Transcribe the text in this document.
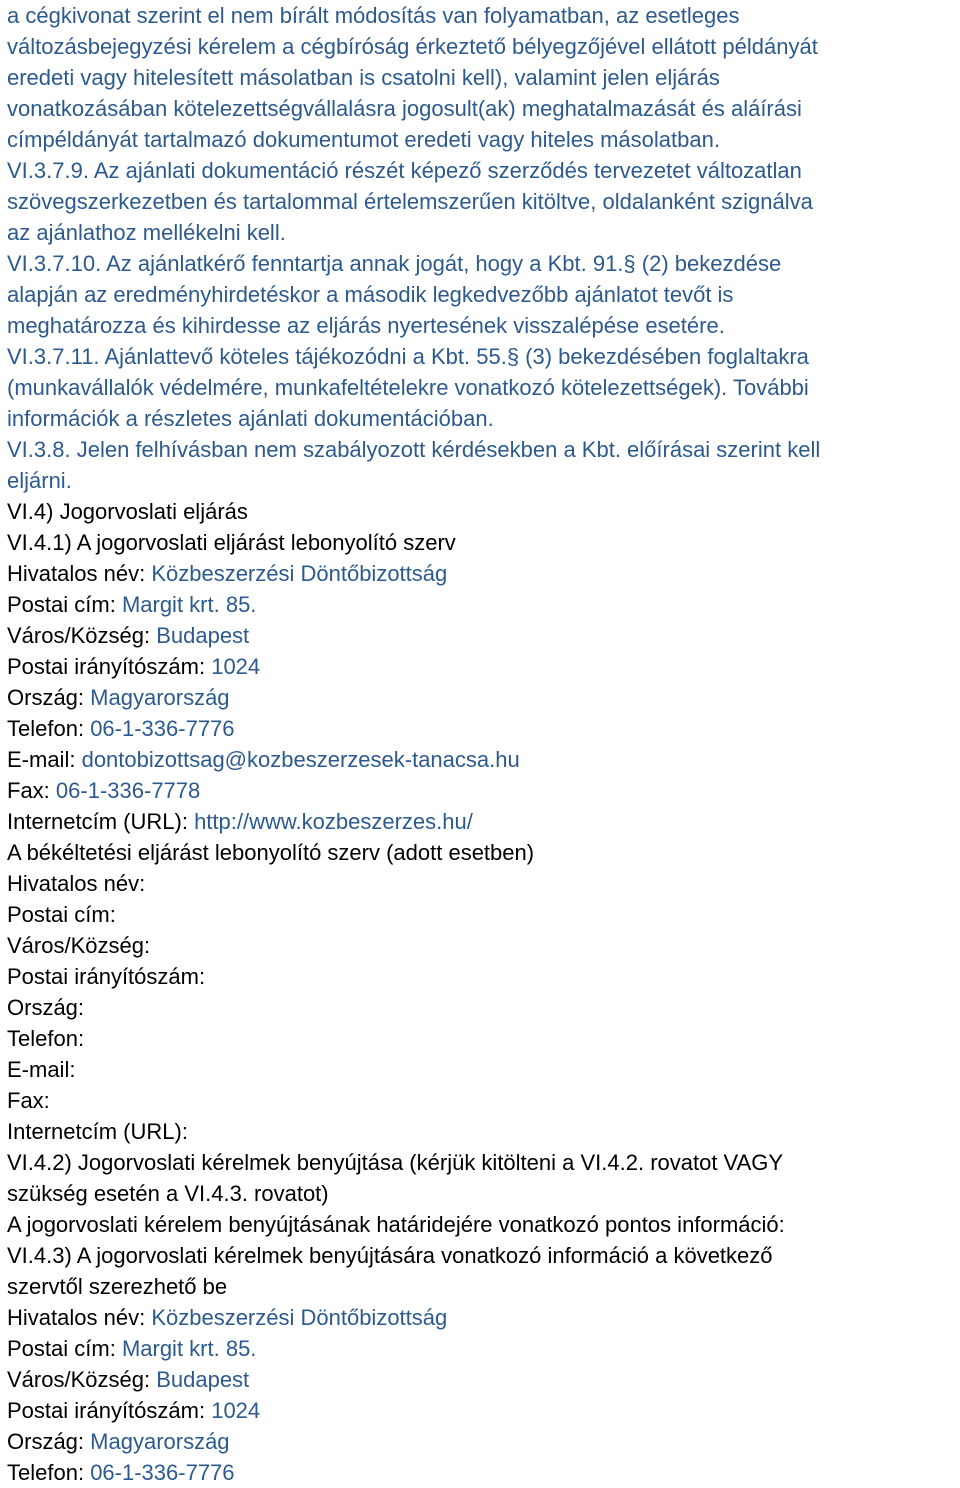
a cégkivonat szerint el nem bírált módosítás van folyamatban, az esetleges
változásbejegyzési kérelem a cégbíróság érkeztető bélyegzőjével ellátott példányát
eredeti vagy hitelesített másolatban is csatolni kell), valamint jelen eljárás
vonatkozásában kötelezettségvállalásra jogosult(ak) meghatalmazását és aláírási
címpéldányát tartalmazó dokumentumot eredeti vagy hiteles másolatban.
VI.3.7.9. Az ajánlati dokumentáció részét képező szerződés tervezetet változatlan
szövegszerkezetben és tartalommal értelemszerűen kitöltve, oldalanként szignálva
az ajánlathoz mellékelni kell.
VI.3.7.10. Az ajánlatkérő fenntartja annak jogát, hogy a Kbt. 91.§ (2) bekezdése
alapján az eredményhirdetéskor a második legkedvezőbb ajánlatot tevőt is
meghatározza és kihirdesse az eljárás nyertesének visszalépése esetére.
VI.3.7.11. Ajánlattevő köteles tájékozódni a Kbt. 55.§ (3) bekezdésében foglaltakra
(munkavállalók védelmére, munkafeltételekre vonatkozó kötelezettségek). További
információk a részletes ajánlati dokumentációban.
VI.3.8. Jelen felhívásban nem szabályozott kérdésekben a Kbt. előírásai szerint kell
eljárni.
VI.4) Jogorvoslati eljárás
VI.4.1) A jogorvoslati eljárást lebonyolító szerv
Hivatalos név: Közbeszerzési Döntőbizottság
Postai cím: Margit krt. 85.
Város/Község: Budapest
Postai irányítószám: 1024
Ország: Magyarország
Telefon: 06-1-336-7776
E-mail: dontobizottsag@kozbeszerzesek-tanacsa.hu
Fax: 06-1-336-7778
Internetcím (URL): http://www.kozbeszerzes.hu/
A békéltetési eljárást lebonyolító szerv (adott esetben)
Hivatalos név:
Postai cím:
Város/Község:
Postai irányítószám:
Ország:
Telefon:
E-mail:
Fax:
Internetcím (URL):
VI.4.2) Jogorvoslati kérelmek benyújtása (kérjük kitölteni a VI.4.2. rovatot VAGY
szükség esetén a VI.4.3. rovatot)
A jogorvoslati kérelem benyújtásának határidejére vonatkozó pontos információ:
VI.4.3) A jogorvoslati kérelmek benyújtására vonatkozó információ a következő
szervtől szerezhető be
Hivatalos név: Közbeszerzési Döntőbizottság
Postai cím: Margit krt. 85.
Város/Község: Budapest
Postai irányítószám: 1024
Ország: Magyarország
Telefon: 06-1-336-7776
